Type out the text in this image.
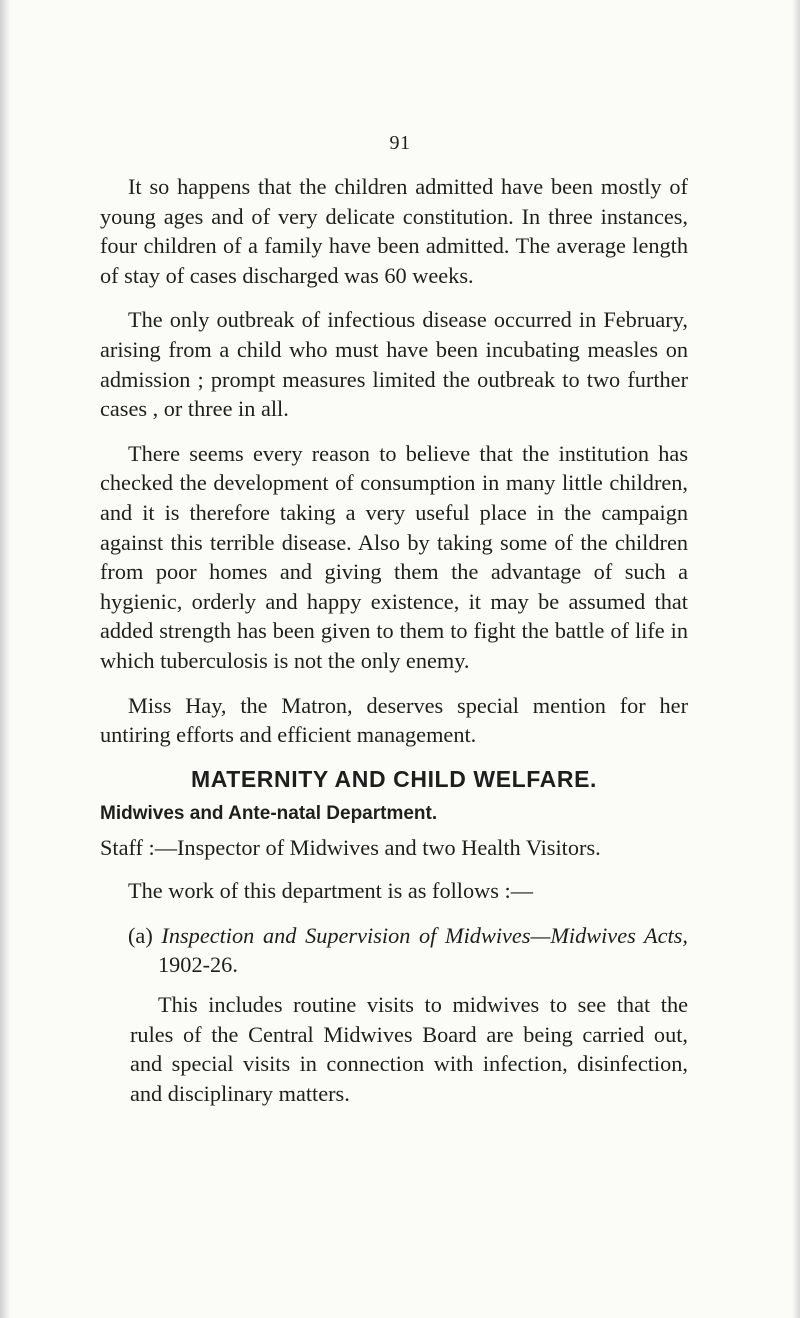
91

It so happens that the children admitted have been mostly of young ages and of very delicate constitution. In three instances, four children of a family have been admitted. The average length of stay of cases discharged was 60 weeks.

The only outbreak of infectious disease occurred in February, arising from a child who must have been incubating measles on admission ; prompt measures limited the outbreak to two further cases , or three in all.

There seems every reason to believe that the institution has checked the development of consumption in many little children, and it is therefore taking a very useful place in the campaign against this terrible disease. Also by taking some of the children from poor homes and giving them the advantage of such a hygienic, orderly and happy existence, it may be assumed that added strength has been given to them to fight the battle of life in which tuberculosis is not the only enemy.

Miss Hay, the Matron, deserves special mention for her untiring efforts and efficient management.

MATERNITY AND CHILD WELFARE.
Midwives and Ante-natal Department.

Staff :—Inspector of Midwives and two Health Visitors.

The work of this department is as follows :—

(a) Inspection and Supervision of Midwives—Midwives Acts, 1902-26.

This includes routine visits to midwives to see that the rules of the Central Midwives Board are being carried out, and special visits in connection with infection, disinfection, and disciplinary matters.
